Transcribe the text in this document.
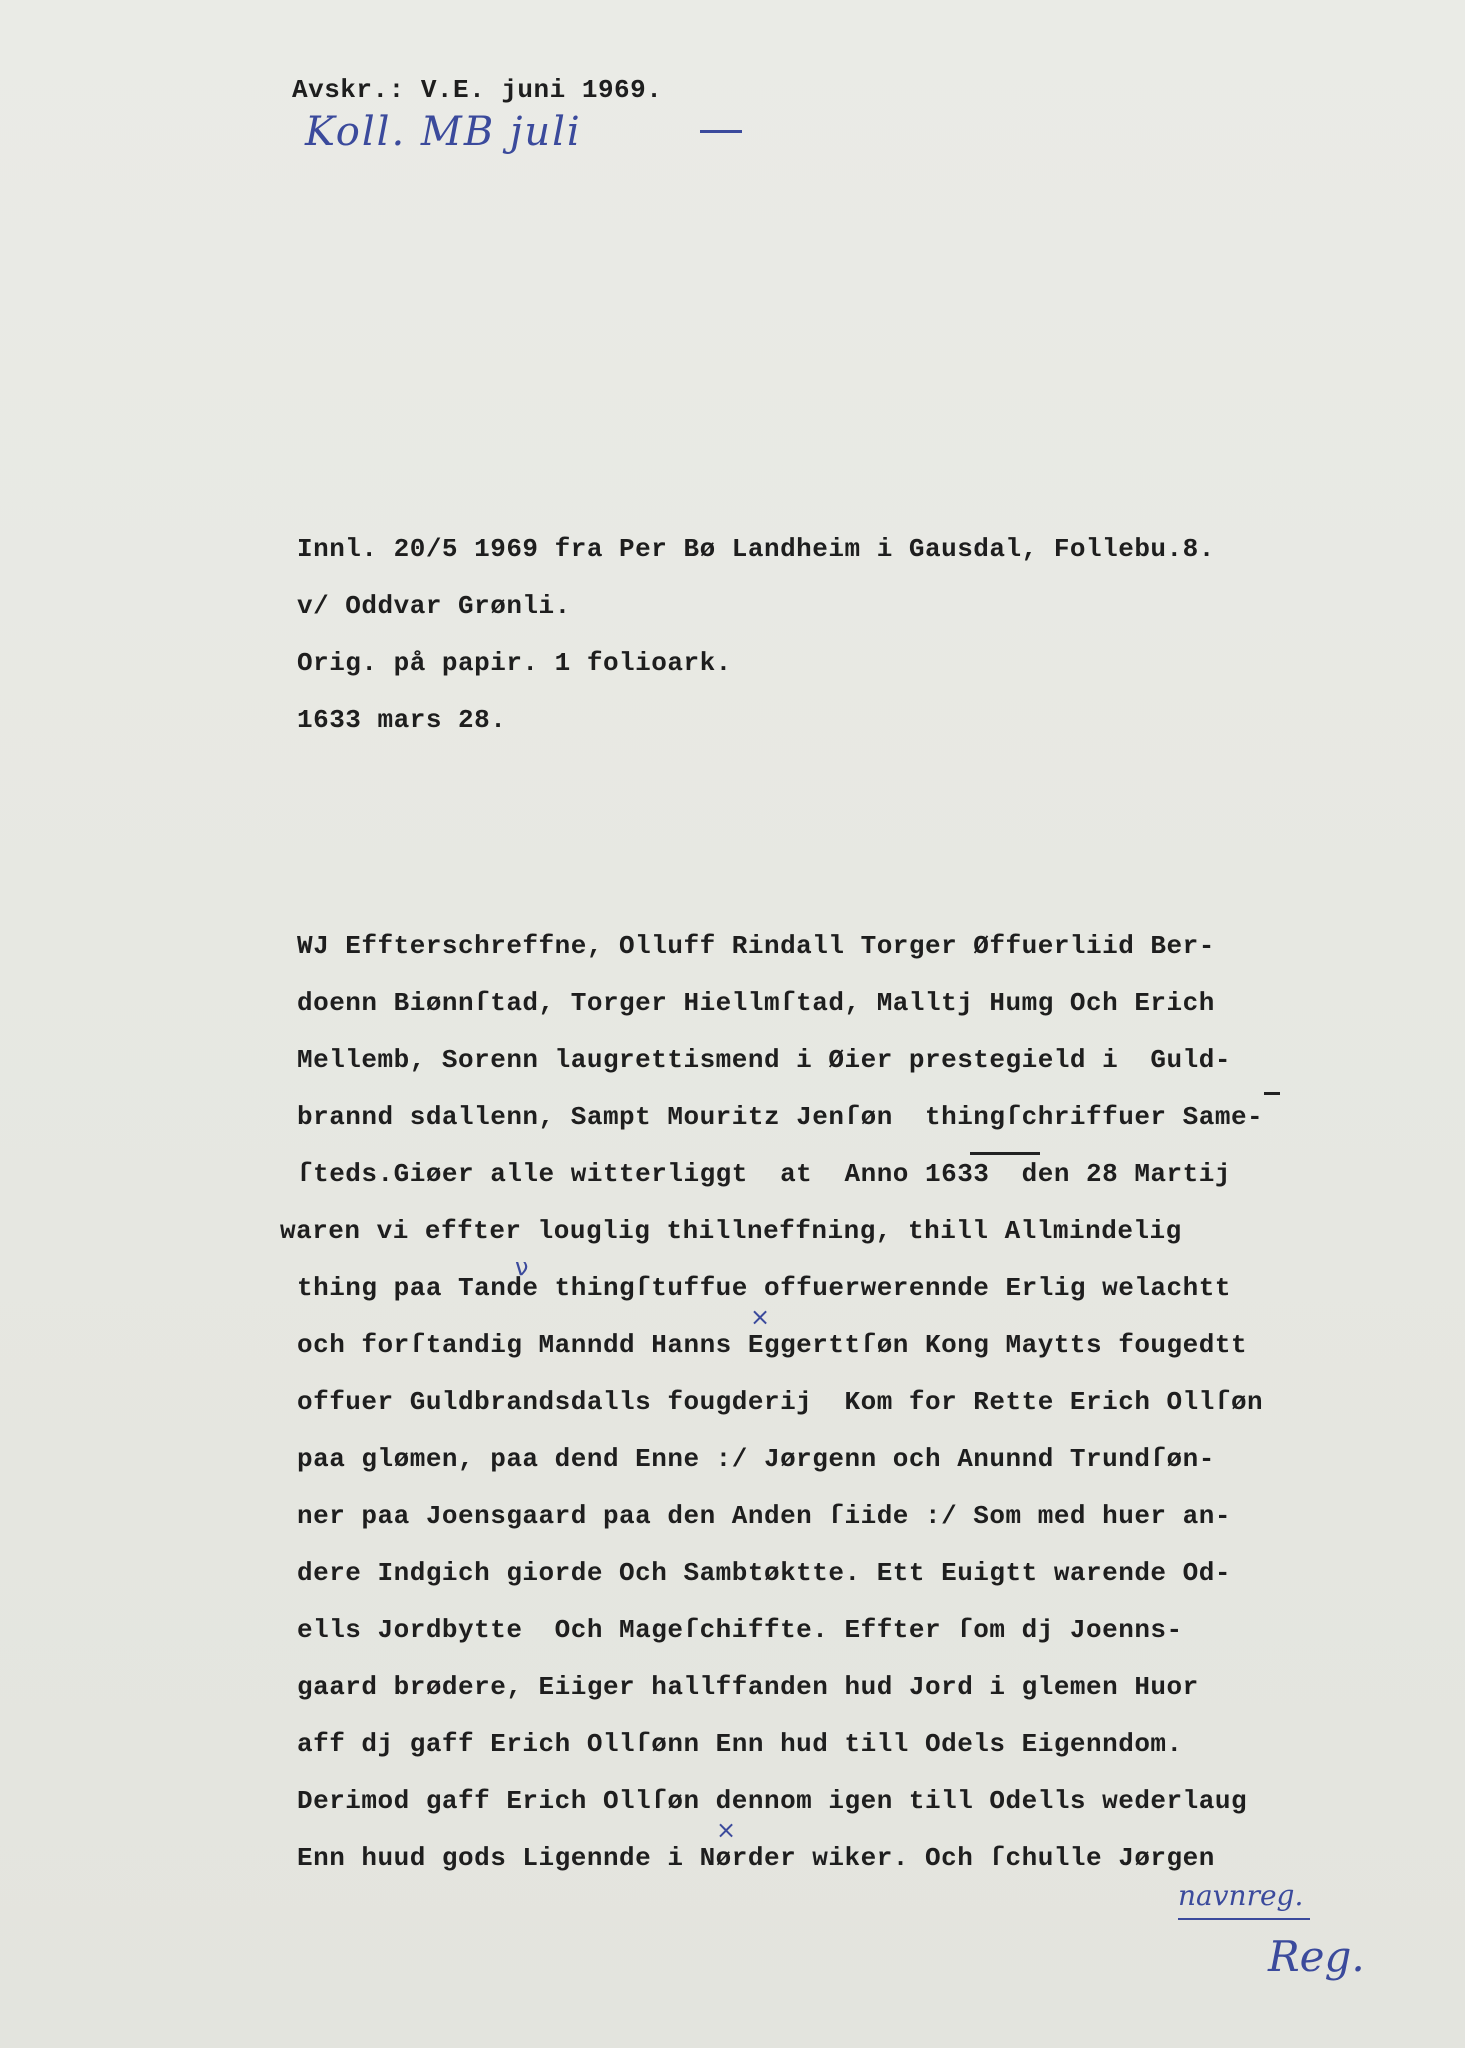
Avskr.: V.E. juni 1969.
Koll. MB juli
Innl. 20/5 1969 fra Per Bø Landheim i Gausdal, Follebu.8.
v/ Oddvar Grønli.
Orig. på papir. 1 folioark.
1633 mars 28.
WJ Effterschreffne, Olluff Rindall Torger Øffuerliid Ber-
doenn Biønnſtad, Torger Hiellmſtad, Malltj Humg Och Erich
Mellemb, Sorenn laugrettismend i Øier prestegield i  Guld-
brannd sdallenn, Sampt Mouritz Jenſøn  thingſchriffuer Same-
ſteds.Giøer alle witterliggt  at  Anno 1633  den 28 Martij
waren vi effter louglig thillneffning, thill Allmindelig
thing paa Tande thingſtuffue offuerwerennde Erlig welachtt
och forſtandig Manndd Hanns Eggerttſøn Kong Maytts fougedtt
offuer Guldbrandsdalls fougderij  Kom for Rette Erich Ollſøn
paa glømen, paa dend Enne :/ Jørgenn och Anunnd Trundſøn-
ner paa Joensgaard paa den Anden ſiide :/ Som med huer an-
dere Indgich giorde Och Sambtøktte. Ett Euigtt warende Od-
ells Jordbytte  Och Mageſchiffte. Effter ſom dj Joenns-
gaard brødere, Eiiger hallffanden hud Jord i glemen Huor
aff dj gaff Erich Ollſønn Enn hud till Odels Eigenndom.
Derimod gaff Erich Ollſøn dennom igen till Odells wederlaug
Enn huud gods Ligennde i Nørder wiker. Och ſchulle Jørgen
ν
×
×
navnreg.
Reg.
